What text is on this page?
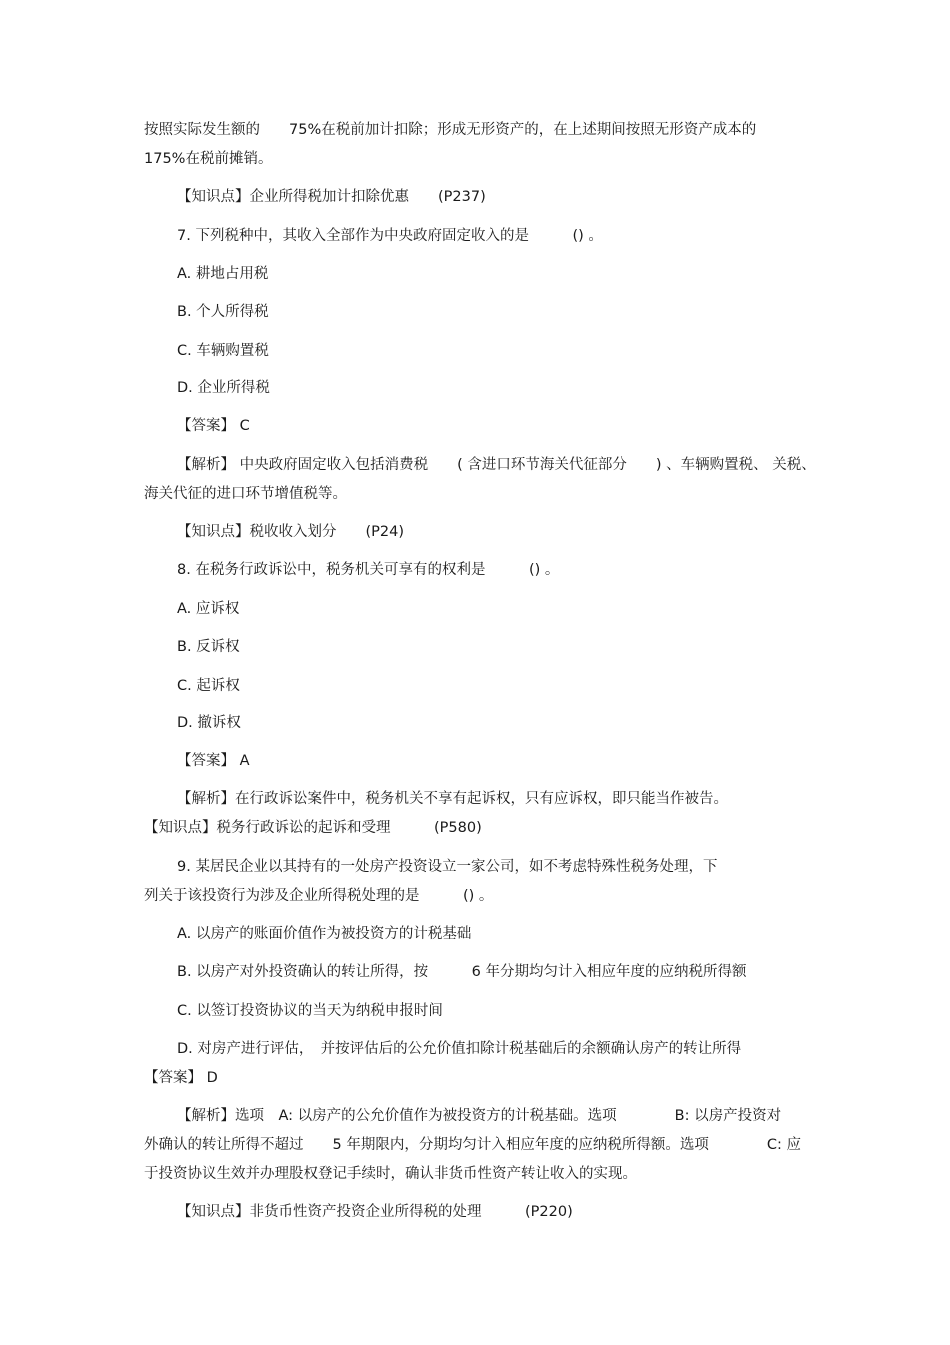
按照实际发生额的　　75%在税前加计扣除；形成无形资产的，在上述期间按照无形资产成本的

175%在税前摊销。

【知识点】企业所得税加计扣除优惠　　(P237)

7. 下列税种中，其收入全部作为中央政府固定收入的是　　　() 。

A. 耕地占用税

B. 个人所得税

C. 车辆购置税

D. 企业所得税

【答案】 C

【解析】 中央政府固定收入包括消费税　　( 含进口环节海关代征部分　　) 、车辆购置税、 关税、

海关代征的进口环节增值税等。

【知识点】税收收入划分　　(P24)

8. 在税务行政诉讼中，税务机关可享有的权利是　　　() 。

A. 应诉权

B. 反诉权

C. 起诉权

D. 撤诉权

【答案】 A

【解析】在行政诉讼案件中，税务机关不享有起诉权，只有应诉权，即只能当作被告。

【知识点】税务行政诉讼的起诉和受理　　　(P580)

9. 某居民企业以其持有的一处房产投资设立一家公司，如不考虑特殊性税务处理，下

列关于该投资行为涉及企业所得税处理的是　　　() 。

A. 以房产的账面价值作为被投资方的计税基础

B. 以房产对外投资确认的转让所得，按　　　6 年分期均匀计入相应年度的应纳税所得额

C. 以签订投资协议的当天为纳税申报时间

D. 对房产进行评估，　并按评估后的公允价值扣除计税基础后的余额确认房产的转让所得

【答案】 D

【解析】选项　A: 以房产的公允价值作为被投资方的计税基础。选项　　　　B: 以房产投资对

外确认的转让所得不超过　　5 年期限内，分期均匀计入相应年度的应纳税所得额。选项　　　　C: 应

于投资协议生效并办理股权登记手续时，确认非货币性资产转让收入的实现。

【知识点】非货币性资产投资企业所得税的处理　　　(P220)
